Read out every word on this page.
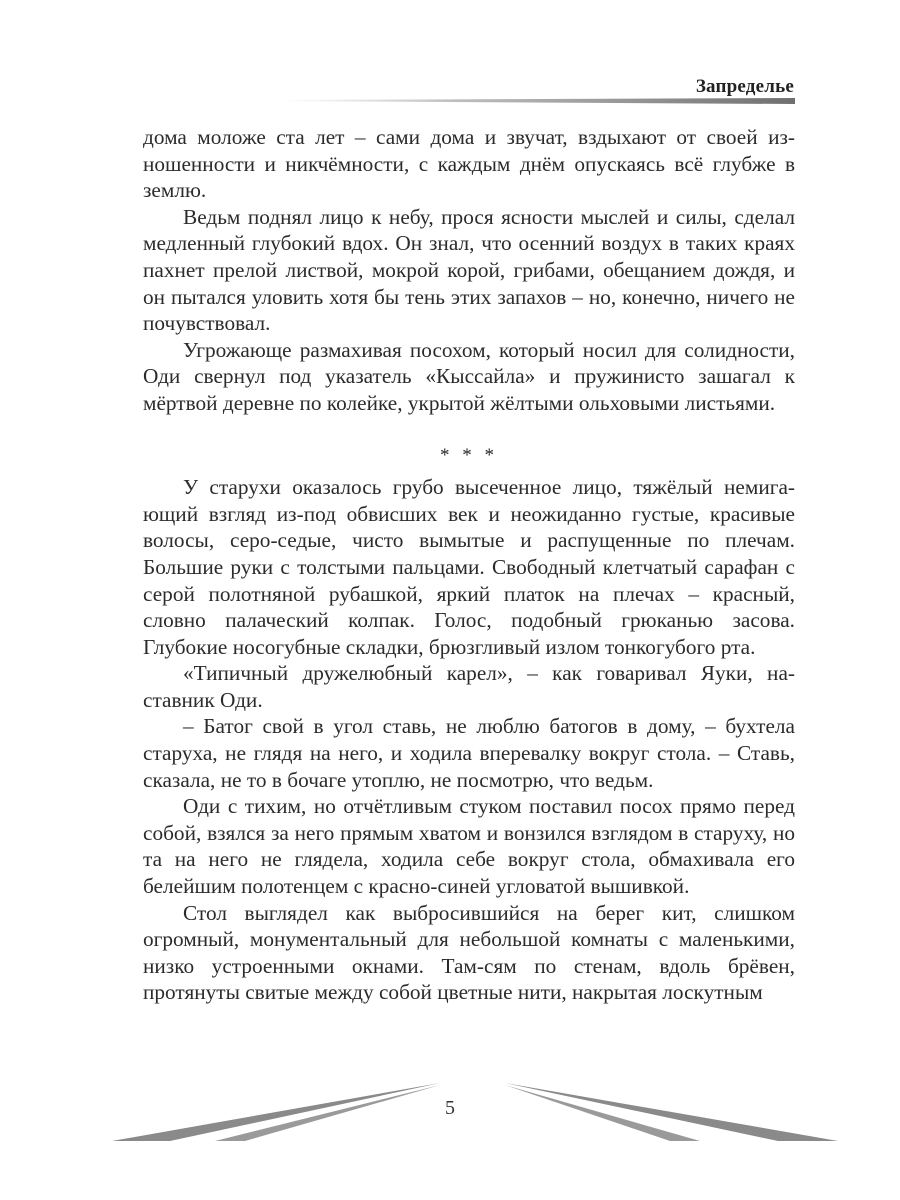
Запределье

дома моложе ста лет – сами дома и звучат, вздыхают от своей изношенности и никчёмности, с каждым днём опускаясь всё глубже в землю.

Ведьм поднял лицо к небу, прося ясности мыслей и силы, сделал медленный глубокий вдох. Он знал, что осенний воздух в таких краях пахнет прелой листвой, мокрой корой, грибами, обещанием дождя, и он пытался уловить хотя бы тень этих запахов – но, конечно, ничего не почувствовал.

Угрожающе размахивая посохом, который носил для солидности, Оди свернул под указатель «Кыссайла» и пружинисто зашагал к мёртвой деревне по колейке, укрытой жёлтыми ольховыми листьями.

* * *

У старухи оказалось грубо высеченное лицо, тяжёлый немигающий взгляд из-под обвисших век и неожиданно густые, красивые волосы, серо-седые, чисто вымытые и распущенные по плечам. Большие руки с толстыми пальцами. Свободный клетчатый сарафан с серой полотняной рубашкой, яркий платок на плечах – красный, словно палаческий колпак. Голос, подобный грюканью засова. Глубокие носогубные складки, брюзгливый излом тонкогубого рта.

«Типичный дружелюбный карел», – как говаривал Яуки, наставник Оди.

– Батог свой в угол ставь, не люблю батогов в дому, – бухтела старуха, не глядя на него, и ходила вперевалку вокруг стола. – Ставь, сказала, не то в бочаге утоплю, не посмотрю, что ведьм.

Оди с тихим, но отчётливым стуком поставил посох прямо перед собой, взялся за него прямым хватом и вонзился взглядом в старуху, но та на него не глядела, ходила себе вокруг стола, обмахивала его белейшим полотенцем с красно-синей угловатой вышивкой.

Стол выглядел как выбросившийся на берег кит, слишком огромный, монументальный для небольшой комнаты с маленькими, низко устроенными окнами. Там-сям по стенам, вдоль брёвен, протянуты свитые между собой цветные нити, накрытая лоскутным

5
